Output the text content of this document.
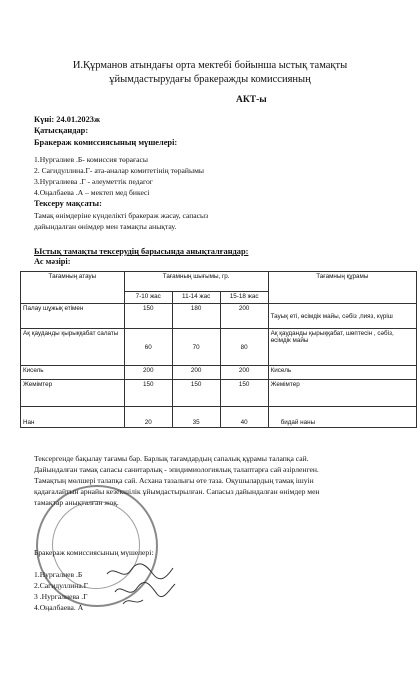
И.Құрманов атындағы орта мектебі бойынша ыстық тамақты
ұйымдастырудағы бракеражды комиссияның
АКТ-ы
Күні: 24.01.2023ж
Қатысқандар:
Бракераж комиссиясының мүшелері:
1.Нургалиев .Б- комиссия төрағасы
2. Сагидуллина.Г- ата-аналар комитетінің төрайымы
3.Нургалиева .Г - әлеуметтік педагог
4.Оңалбаева .А – мектеп мед бикесі
Тексеру мақсаты:
Тамақ өнімдеріне күнделікті бракераж жасау, сапасыз
дайындалған өнімдер мен тамақты анықтау.
Ыстық тамақты тексерудің барысында анықталғандар:
Ас мәзірі:
Тағамның атауы	Тағамның шығымы, гр.			Тағамның құрамы
	7-10 жас	11-14 жас	15-18 жас	
Палау шұжық етімен	150	180	200	Тауық еті, өсімдік майы, сәбіз ,пияз, күріш
Ақ қауданды қырыққабат салаты	60	70	80	Ақ қауданды қырыққабат, шөптесін , сәбіз, өсімдік майы
Кисель	200	200	200	Кисель
Жемiмтер	150	150	150	Жемiмтер
Нан	20	35	40	бидай наны
Тексергенде бақылау тағамы бар. Барлық тағамдардың сапалық құрамы талапқа сай.
Дайындалған тамақ сапасы санитарлық - эпидимиологиялық талаптарға сай әзірленген.
Тамақтың мөлшері талапқа сай. Асхана тазалығы өте таза. Оқушылардың тамақ ішуін
қадағалайтын арнайы кезекшілік ұйымдастырылған. Сапасыз дайындалған өнімдер мен
тамақтар анықталған жоқ.
Бракераж комиссиясының мүшелері:
1.Нургалиев .Б
2.Сагидуллина.Г
3 .Нургалиева .Г
4.Оңалбаева. А
